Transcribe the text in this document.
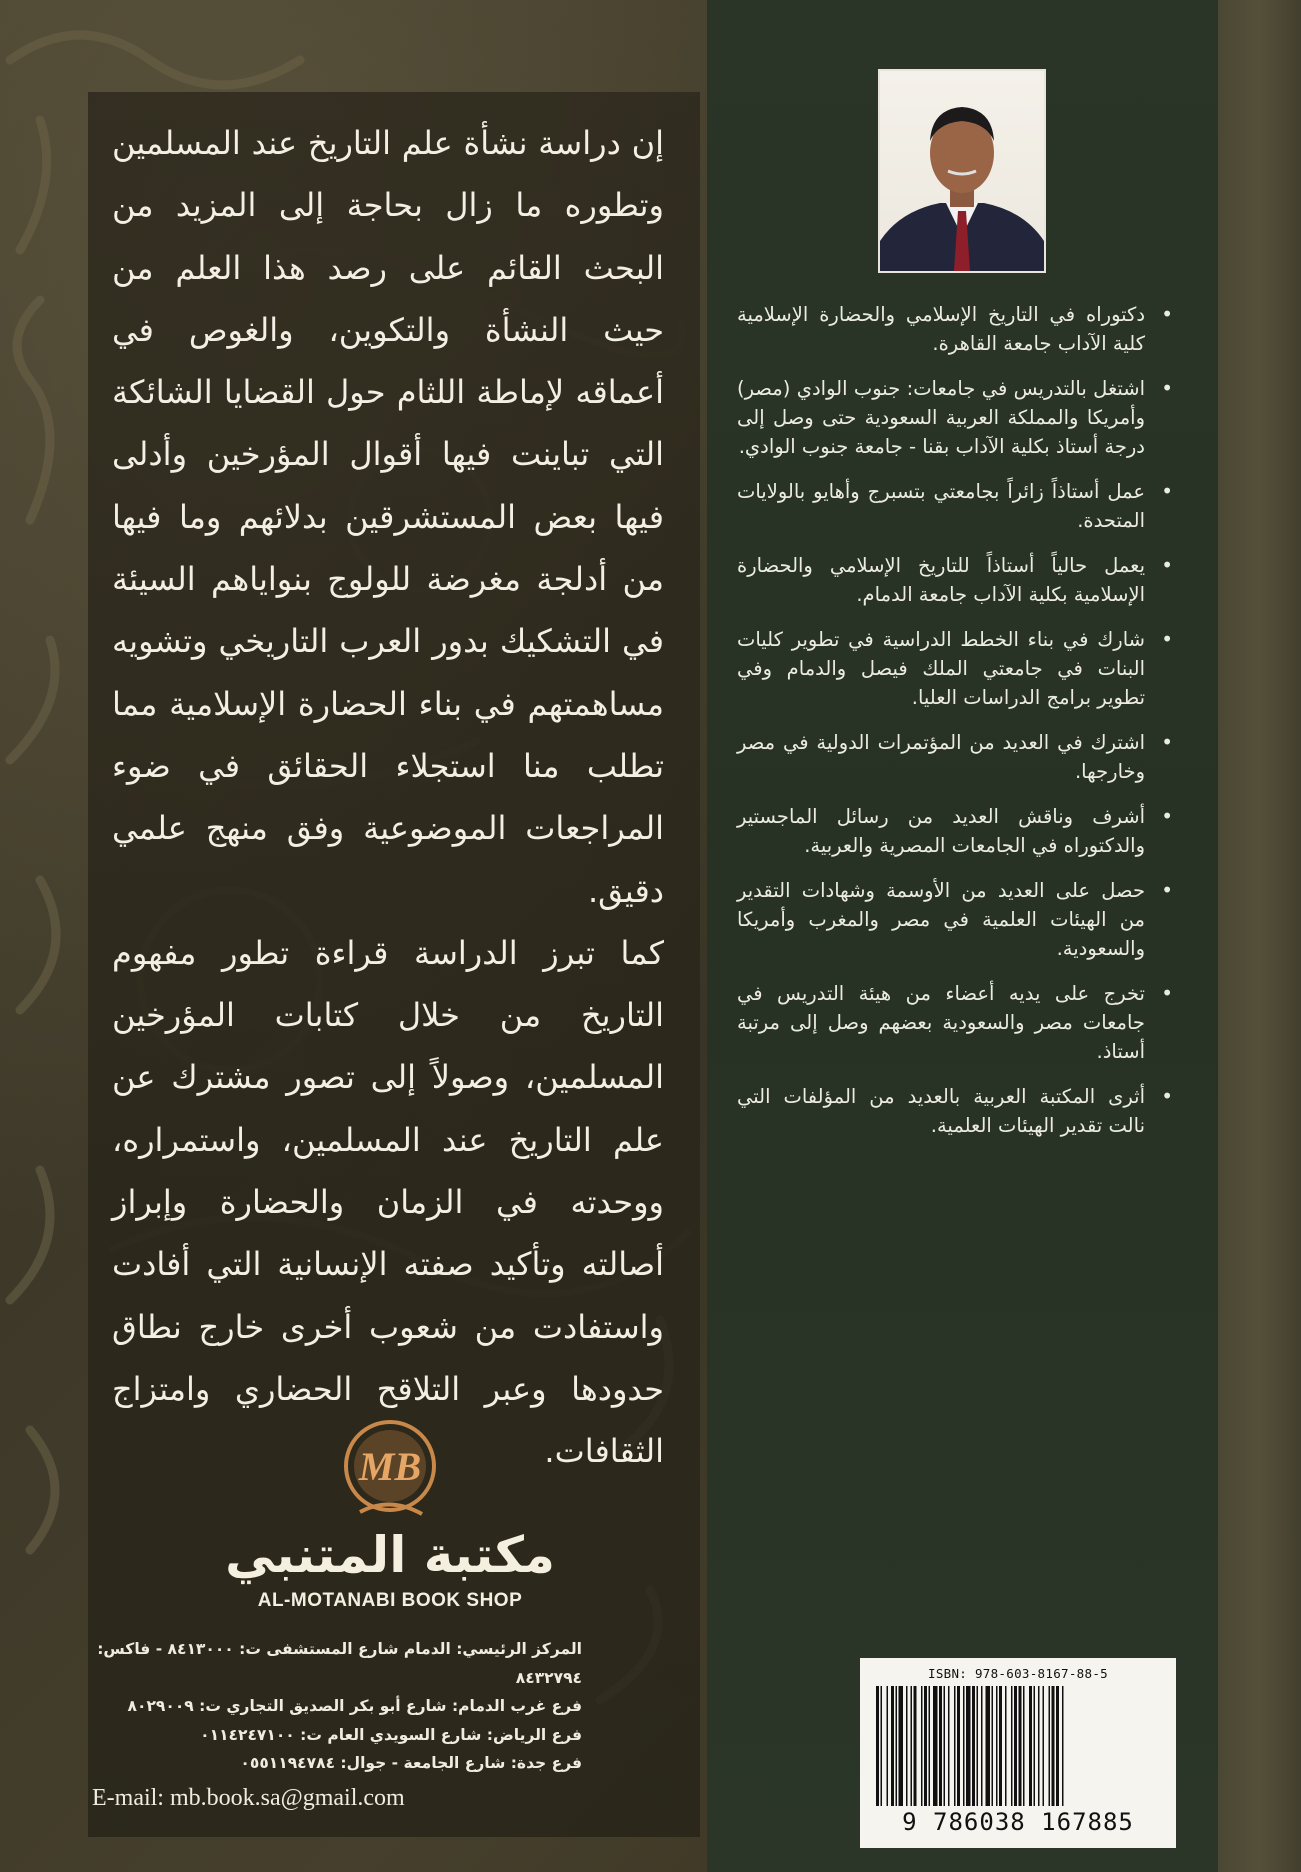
إن دراسة نشأة علم التاريخ عند المسلمين وتطوره ما زال بحاجة إلى المزيد من البحث القائم على رصد هذا العلم من حيث النشأة والتكوين، والغوص في أعماقه لإماطة اللثام حول القضايا الشائكة التي تباينت فيها أقوال المؤرخين وأدلى فيها بعض المستشرقين بدلائهم وما فيها من أدلجة مغرضة للولوج بنواياهم السيئة في التشكيك بدور العرب التاريخي وتشويه مساهمتهم في بناء الحضارة الإسلامية مما تطلب منا استجلاء الحقائق في ضوء المراجعات الموضوعية وفق منهج علمي دقيق.

كما تبرز الدراسة قراءة تطور مفهوم التاريخ من خلال كتابات المؤرخين المسلمين، وصولاً إلى تصور مشترك عن علم التاريخ عند المسلمين، واستمراره، ووحدته في الزمان والحضارة وإبراز أصالته وتأكيد صفته الإنسانية التي أفادت واستفادت من شعوب أخرى خارج نطاق حدودها وعبر التلاقح الحضاري وامتزاج الثقافات.

•
دكتوراه في التاريخ الإسلامي والحضارة الإسلامية كلية الآداب جامعة القاهرة.
•
اشتغل بالتدريس في جامعات: جنوب الوادي (مصر) وأمريكا والمملكة العربية السعودية حتى وصل إلى درجة أستاذ بكلية الآداب بقنا - جامعة جنوب الوادي.
•
عمل أستاذاً زائراً بجامعتي بتسبرج وأهايو بالولايات المتحدة.
•
يعمل حالياً أستاذاً للتاريخ الإسلامي والحضارة الإسلامية بكلية الآداب جامعة الدمام.
•
شارك في بناء الخطط الدراسية في تطوير كليات البنات في جامعتي الملك فيصل والدمام وفي تطوير برامج الدراسات العليا.
•
اشترك في العديد من المؤتمرات الدولية في مصر وخارجها.
•
أشرف وناقش العديد من رسائل الماجستير والدكتوراه في الجامعات المصرية والعربية.
•
حصل على العديد من الأوسمة وشهادات التقدير من الهيئات العلمية في مصر والمغرب وأمريكا والسعودية.
•
تخرج على يديه أعضاء من هيئة التدريس في جامعات مصر والسعودية بعضهم وصل إلى مرتبة أستاذ.
•
أثرى المكتبة العربية بالعديد من المؤلفات التي نالت تقدير الهيئات العلمية.
MB
مكتبة المتنبي
AL-MOTANABI BOOK SHOP
المركز الرئيسي: الدمام شارع المستشفى ت: ٨٤١٣٠٠٠ - فاكس: ٨٤٣٢٧٩٤
فرع غرب الدمام: شارع أبو بكر الصديق التجاري ت: ٨٠٢٩٠٠٩
فرع الرياض: شارع السويدي العام ت: ٠١١٤٢٤٧١٠٠
فرع جدة: شارع الجامعة - جوال: ٠٥٥١١٩٤٧٨٤
E-mail: mb.book.sa@gmail.com
ISBN: 978-603-8167-88-5
9 786038 167885
